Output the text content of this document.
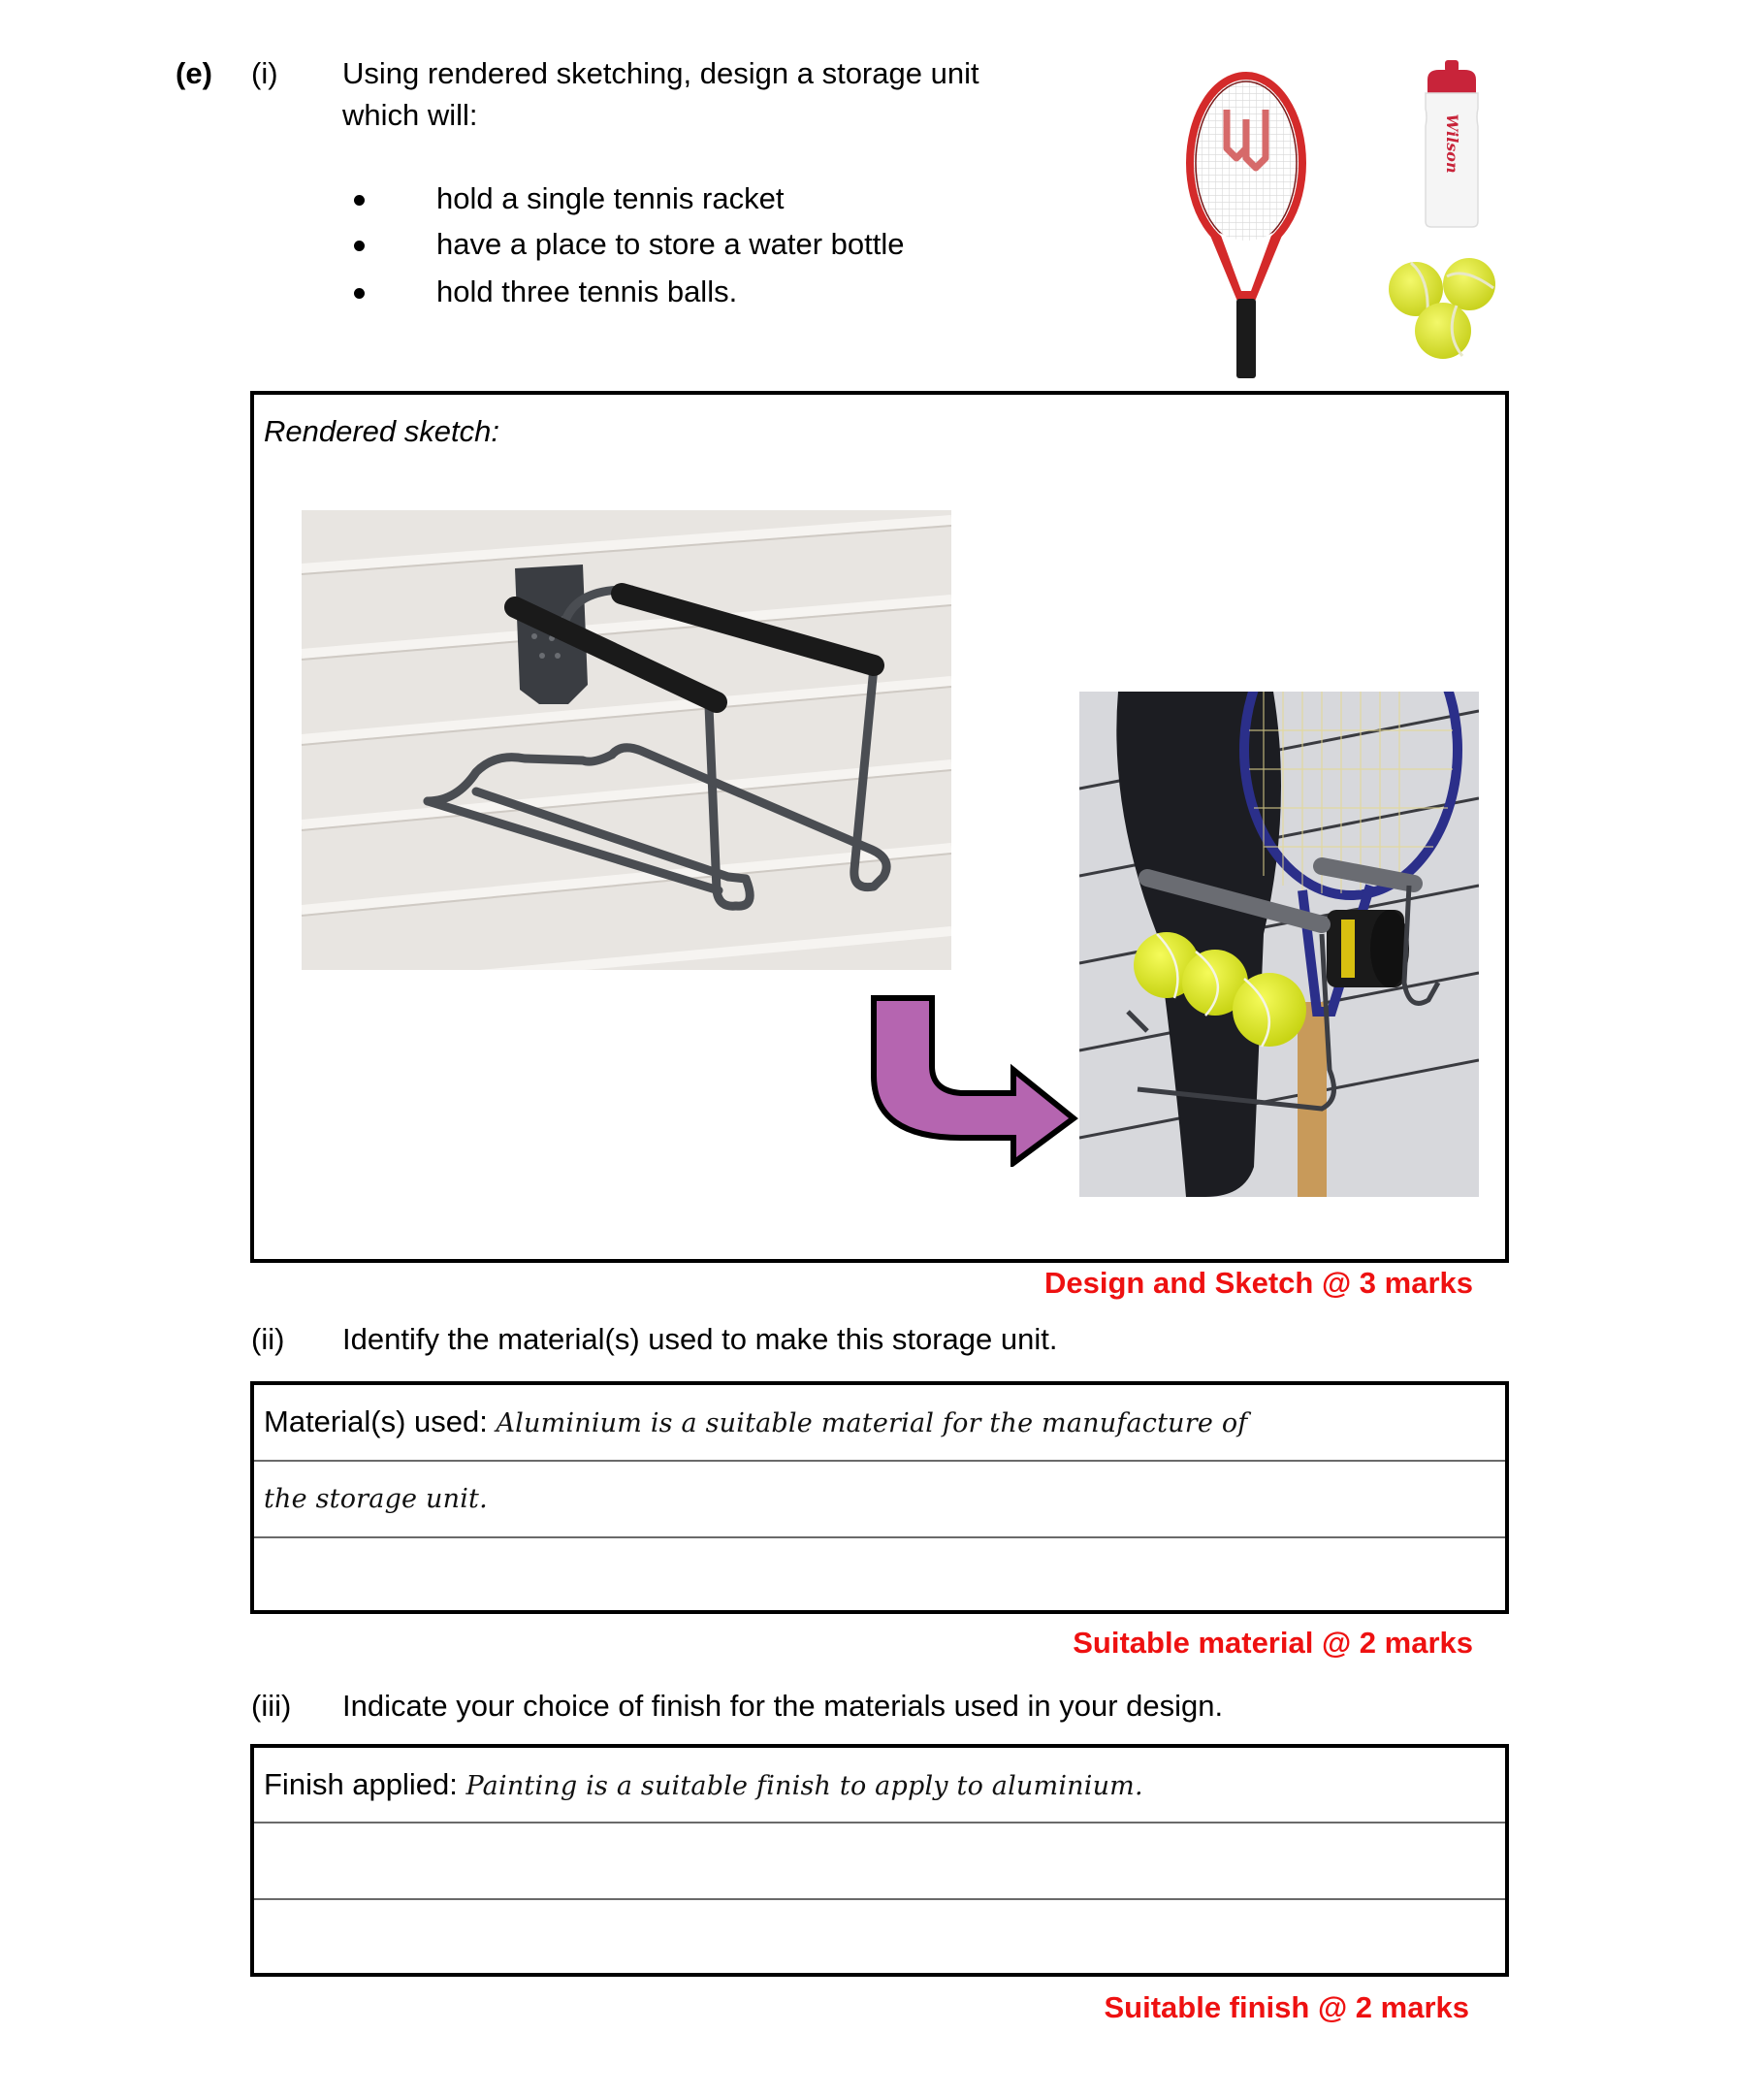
(e) (i) Using rendered sketching, design a storage unit
which will:
hold a single tennis racket
have a place to store a water bottle
hold three tennis balls.
Wilson
Rendered sketch:
Design and Sketch @ 3 marks
(ii) Identify the material(s) used to make this storage unit.
Material(s) used: Aluminium is a suitable material for the manufacture of
the storage unit.
Suitable material @ 2 marks
(iii) Indicate your choice of finish for the materials used in your design.
Finish applied: Painting is a suitable finish to apply to aluminium.
Suitable finish @ 2 marks
